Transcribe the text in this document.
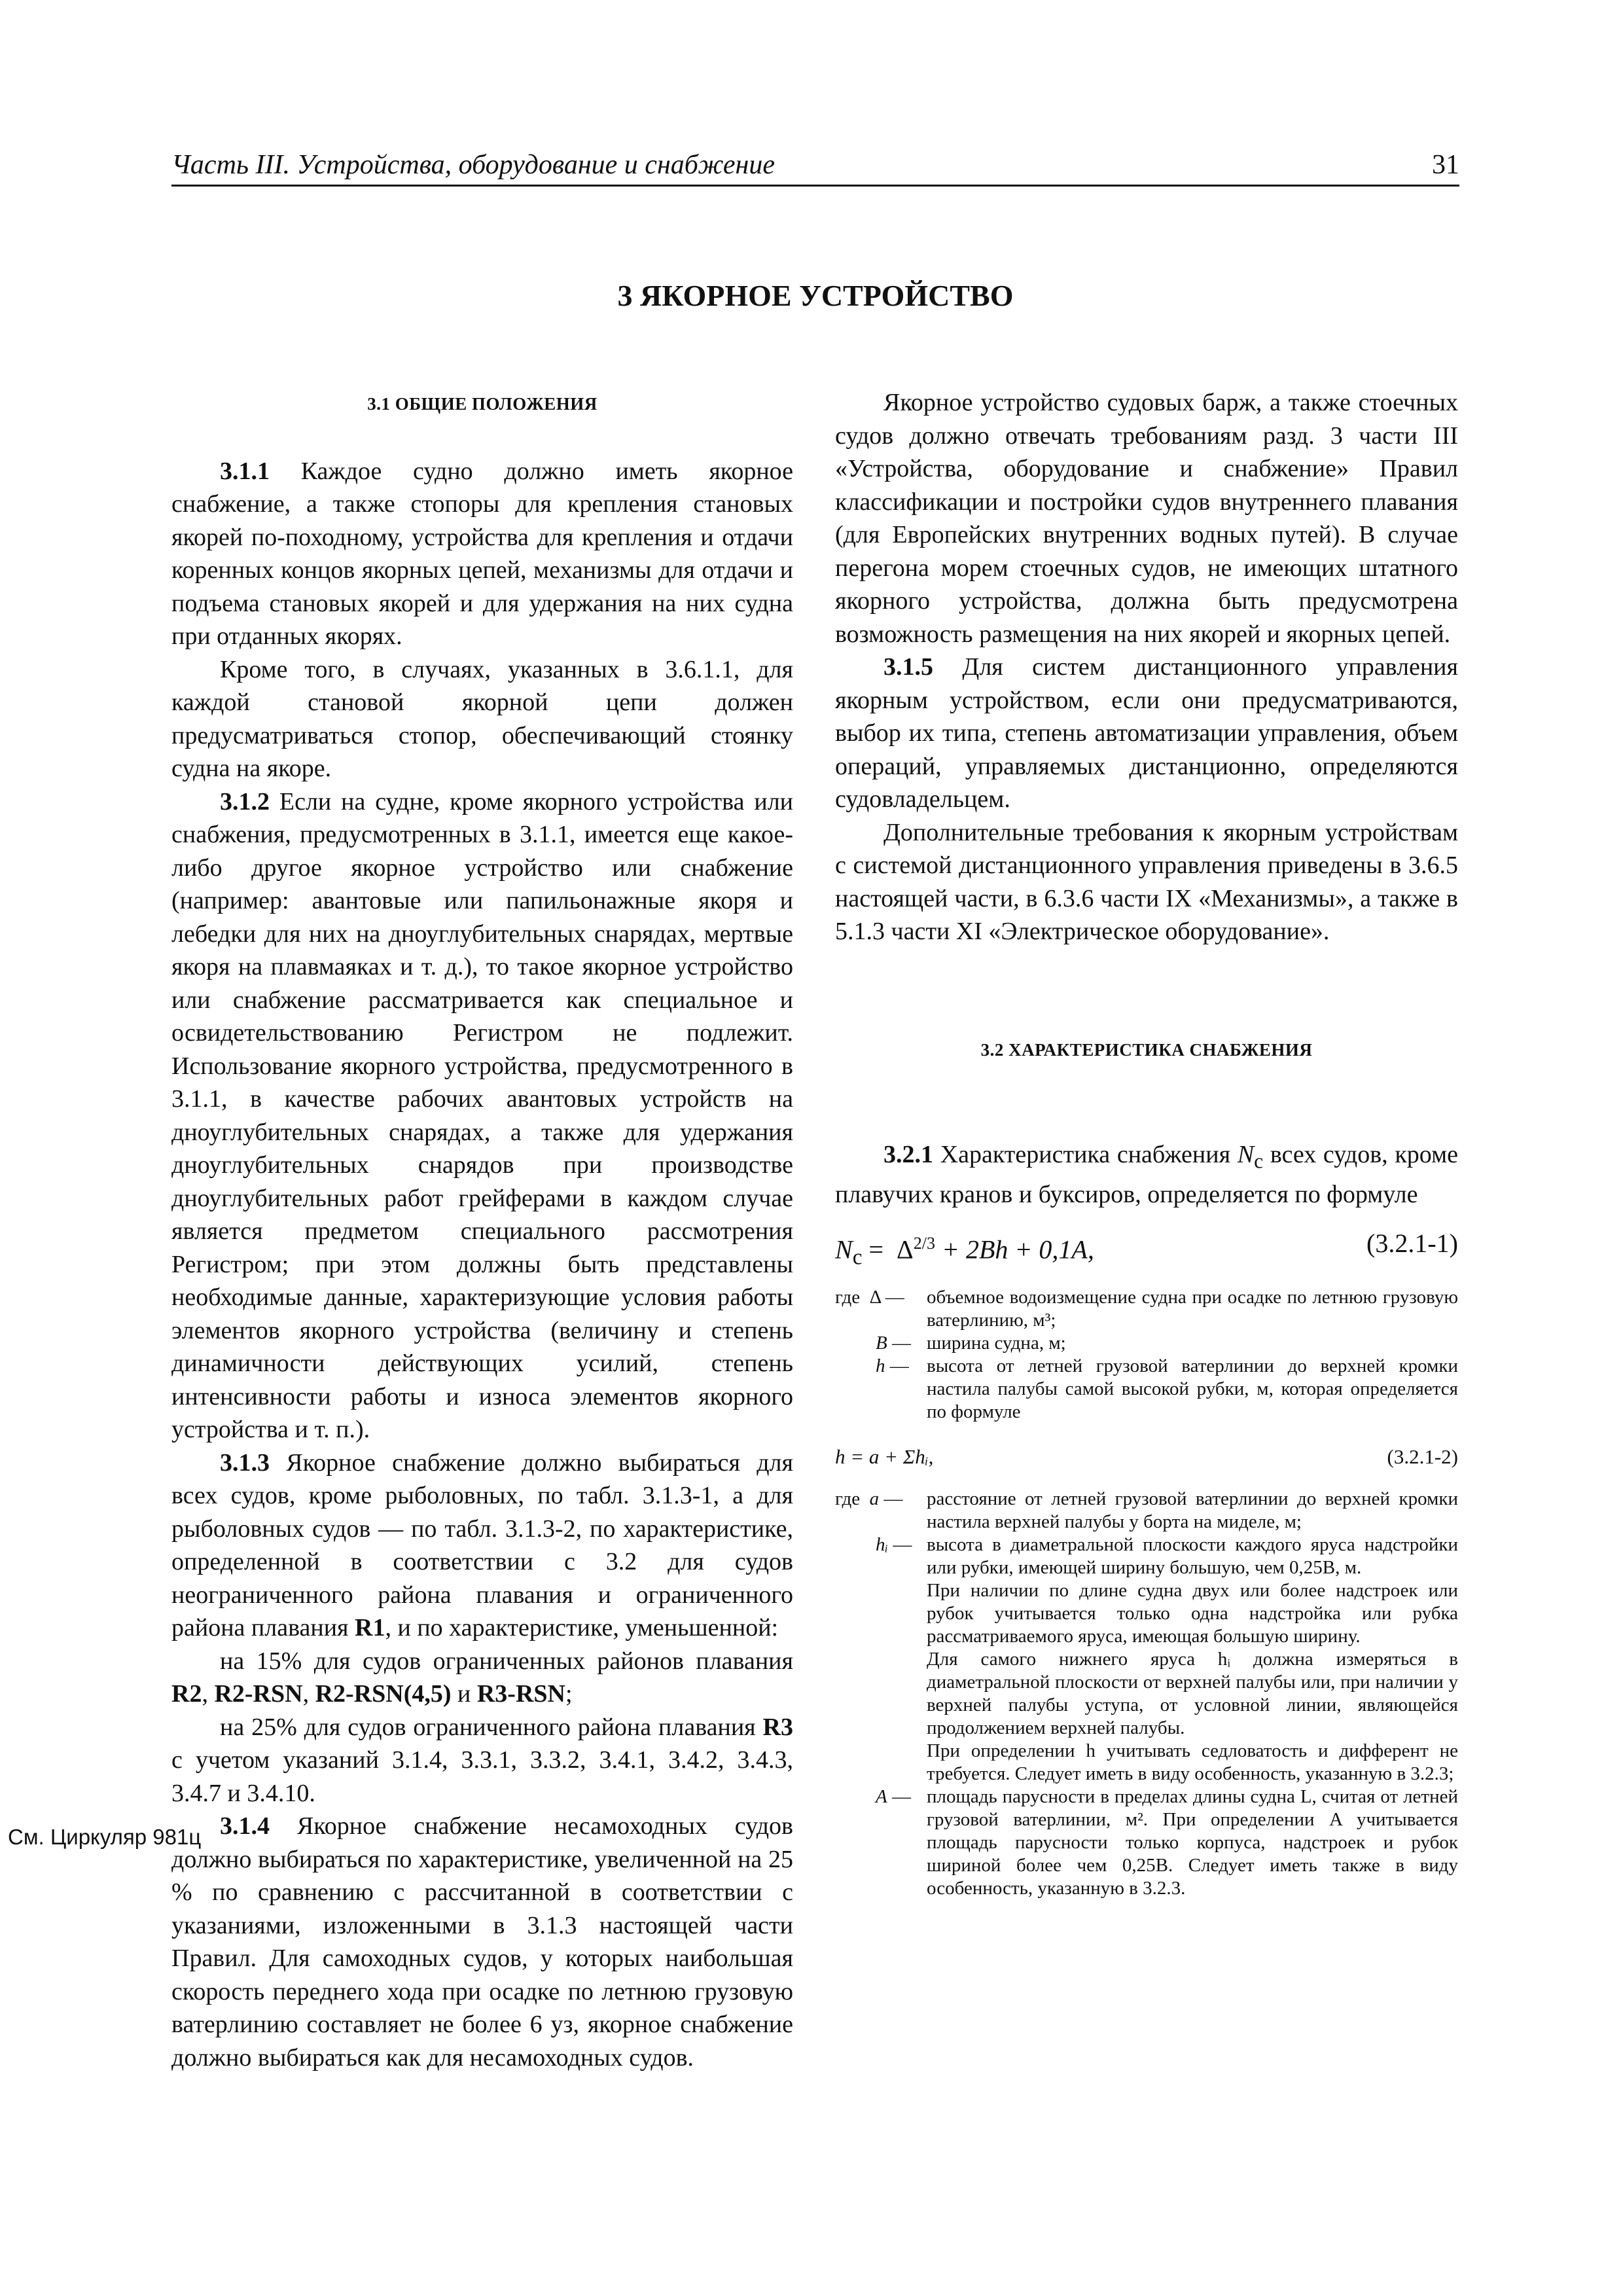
Часть III. Устройства, оборудование и снабжение	31
3 ЯКОРНОЕ УСТРОЙСТВО
См. Циркуляр 981ц
3.1 ОБЩИЕ ПОЛОЖЕНИЯ

3.1.1 Каждое судно должно иметь якорное снабжение, а также стопоры для крепления становых якорей по-походному, устройства для крепления и отдачи коренных концов якорных цепей, механизмы для отдачи и подъема становых якорей и для удержания на них судна при отданных якорях.

Кроме того, в случаях, указанных в 3.6.1.1, для каждой становой якорной цепи должен предусматриваться стопор, обеспечивающий стоянку судна на якоре.

3.1.2 Если на судне, кроме якорного устройства или снабжения, предусмотренных в 3.1.1, имеется еще какое-либо другое якорное устройство или снабжение (например: авантовые или папильонажные якоря и лебедки для них на дноуглубительных снарядах, мертвые якоря на плавмаяках и т. д.), то такое якорное устройство или снабжение рассматривается как специальное и освидетельствованию Регистром не подлежит. Использование якорного устройства, предусмотренного в 3.1.1, в качестве рабочих авантовых устройств на дноуглубительных снарядах, а также для удержания дноуглубительных снарядов при производстве дноуглубительных работ грейферами в каждом случае является предметом специального рассмотрения Регистром; при этом должны быть представлены необходимые данные, характеризующие условия работы элементов якорного устройства (величину и степень динамичности действующих усилий, степень интенсивности работы и износа элементов якорного устройства и т. п.).

3.1.3 Якорное снабжение должно выбираться для всех судов, кроме рыболовных, по табл. 3.1.3-1, а для рыболовных судов — по табл. 3.1.3-2, по характеристике, определенной в соответствии с 3.2 для судов неограниченного района плавания и ограниченного района плавания R1, и по характеристике, уменьшенной:

на 15% для судов ограниченных районов плавания R2, R2-RSN, R2-RSN(4,5) и R3-RSN;

на 25% для судов ограниченного района плавания R3 с учетом указаний 3.1.4, 3.3.1, 3.3.2, 3.4.1, 3.4.2, 3.4.3, 3.4.7 и 3.4.10.

3.1.4 Якорное снабжение несамоходных судов должно выбираться по характеристике, увеличенной на 25 % по сравнению с рассчитанной в соответствии с указаниями, изложенными в 3.1.3 настоящей части Правил. Для самоходных судов, у которых наибольшая скорость переднего хода при осадке по летнюю грузовую ватерлинию составляет не более 6 уз, якорное снабжение должно выбираться как для несамоходных судов.

Якорное устройство судовых барж, а также стоечных судов должно отвечать требованиям разд. 3 части III «Устройства, оборудование и снабжение» Правил классификации и постройки судов внутреннего плавания (для Европейских внутренних водных путей). В случае перегона морем стоечных судов, не имеющих штатного якорного устройства, должна быть предусмотрена возможность размещения на них якорей и якорных цепей.

3.1.5 Для систем дистанционного управления якорным устройством, если они предусматриваются, выбор их типа, степень автоматизации управления, объем операций, управляемых дистанционно, определяются судовладельцем.

Дополнительные требования к якорным устройствам с системой дистанционного управления приведены в 3.6.5 настоящей части, в 6.3.6 части IX «Механизмы», а также в 5.1.3 части XI «Электрическое оборудование».

3.2 ХАРАКТЕРИСТИКА СНАБЖЕНИЯ

3.2.1 Характеристика снабжения $N_c$ всех судов, кроме плавучих кранов и буксиров, определяется по формуле

$N_c = \Delta^{2/3} + 2Bh + 0,1A$,	(3.2.1-1)
где Δ —	объемное водоизмещение судна при осадке по летнюю грузовую ватерлинию, м³;
B — ширина судна, м;
h — высота от летней грузовой ватерлинии до верхней кромки настила палубы самой высокой рубки, м, которая определяется по формуле
h = a + Σhᵢ,	(3.2.1-2)
где a —	расстояние от летней грузовой ватерлинии до верхней кромки настила верхней палубы у борта на миделе, м;
hᵢ — высота в диаметральной плоскости каждого яруса надстройки или рубки, имеющей ширину большую, чем 0,25B, м.
При наличии по длине судна двух или более надстроек или рубок учитывается только одна надстройка или рубка рассматриваемого яруса, имеющая большую ширину.
Для самого нижнего яруса hᵢ должна измеряться в диаметральной плоскости от верхней палубы или, при наличии у верхней палубы уступа, от условной линии, являющейся продолжением верхней палубы.
При определении h учитывать седловатость и дифферент не требуется. Следует иметь в виду особенность, указанную в 3.2.3;
A — площадь парусности в пределах длины судна L, считая от летней грузовой ватерлинии, м². При определении A учитывается площадь парусности только корпуса, надстроек и рубок шириной более чем 0,25B. Следует иметь также в виду особенность, указанную в 3.2.3.
